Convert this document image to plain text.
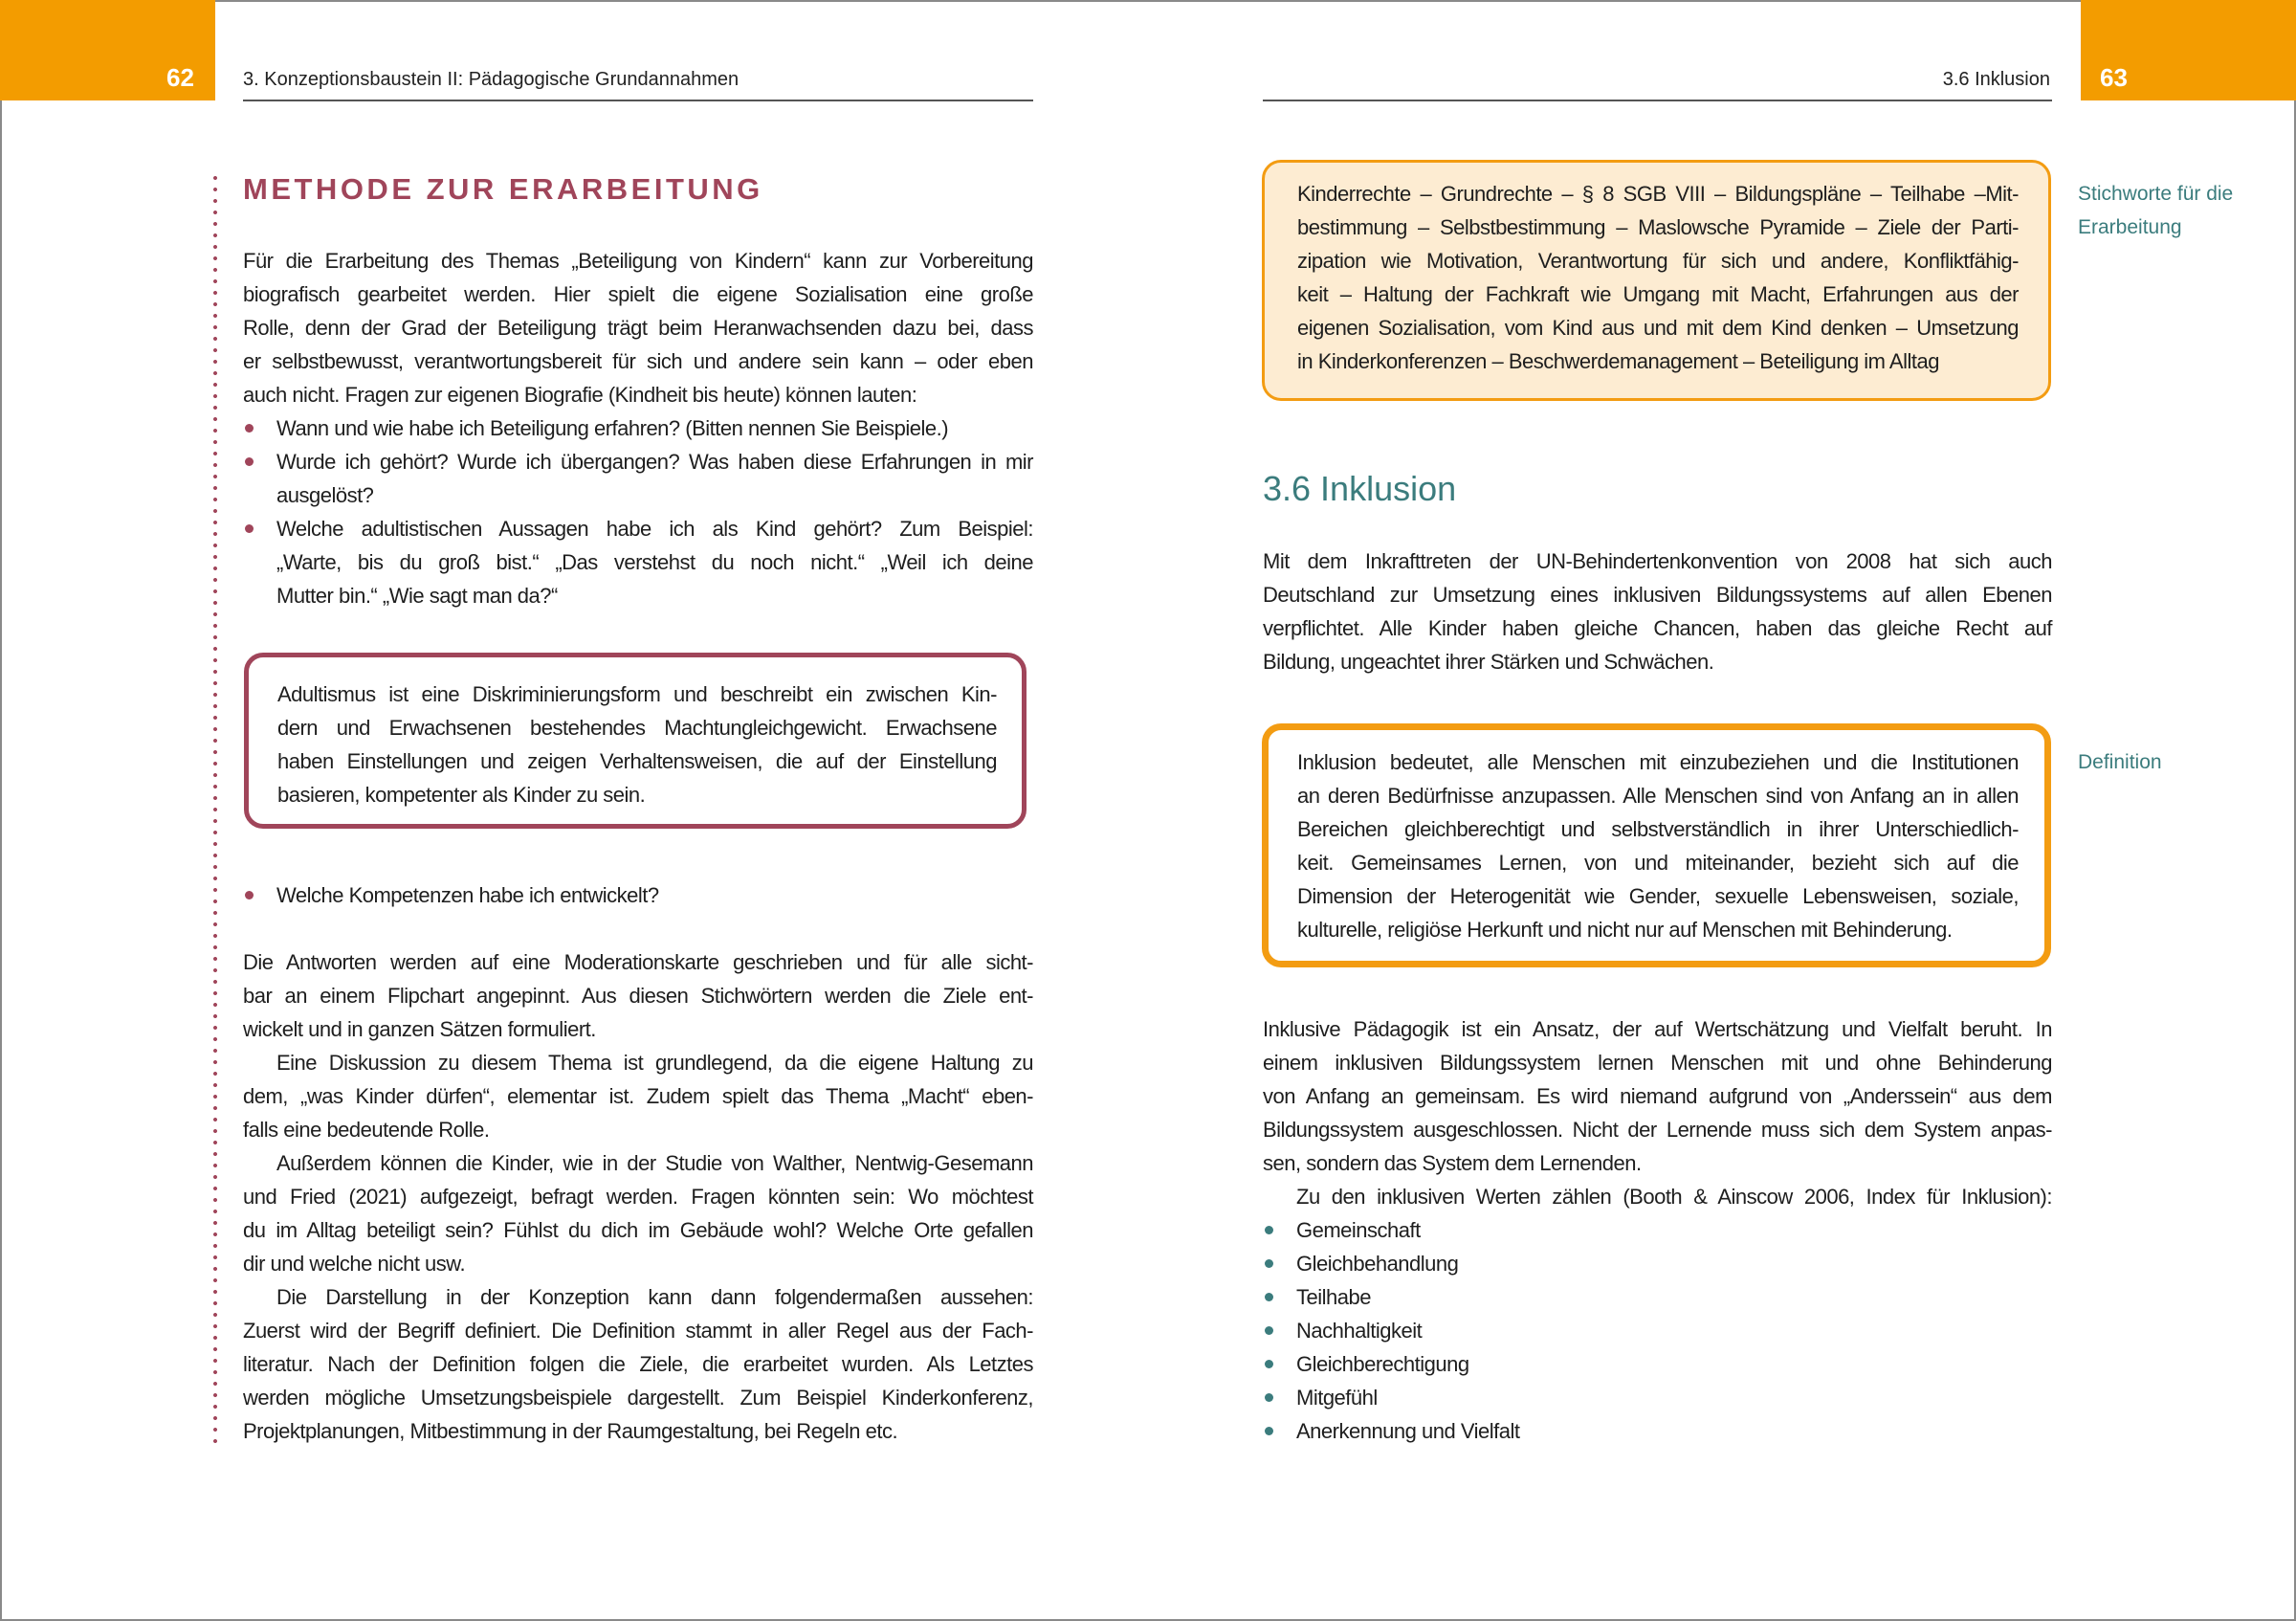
62	3. Konzeptionsbaustein II: Pädagogische Grundannahmen	63
3.6 Inklusion
METHODE ZUR ERARBEITUNG
Für die Erarbeitung des Themas „Beteiligung von Kindern“ kann zur Vorbereitung
biografisch gearbeitet werden. Hier spielt die eigene Sozialisation eine große
Rolle, denn der Grad der Beteiligung trägt beim Heranwachsenden dazu bei, dass
er selbstbewusst, verantwortungsbereit für sich und andere sein kann – oder eben
auch nicht. Fragen zur eigenen Biografie (Kindheit bis heute) können lauten:
Wann und wie habe ich Beteiligung erfahren? (Bitten nennen Sie Beispiele.)
Wurde ich gehört? Wurde ich übergangen? Was haben diese Erfahrungen in mir
ausgelöst?
Welche adultistischen Aussagen habe ich als Kind gehört? Zum Beispiel:
„Warte, bis du groß bist.“ „Das verstehst du noch nicht.“ „Weil ich deine
Mutter bin.“ „Wie sagt man da?“
Adultismus ist eine Diskriminierungsform und beschreibt ein zwischen Kin-
dern und Erwachsenen bestehendes Machtungleichgewicht. Erwachsene
haben Einstellungen und zeigen Verhaltensweisen, die auf der Einstellung
basieren, kompetenter als Kinder zu sein.
Welche Kompetenzen habe ich entwickelt?
Die Antworten werden auf eine Moderationskarte geschrieben und für alle sicht-
bar an einem Flipchart angepinnt. Aus diesen Stichwörtern werden die Ziele ent-
wickelt und in ganzen Sätzen formuliert.
Eine Diskussion zu diesem Thema ist grundlegend, da die eigene Haltung zu
dem, „was Kinder dürfen“, elementar ist. Zudem spielt das Thema „Macht“ eben-
falls eine bedeutende Rolle.
Außerdem können die Kinder, wie in der Studie von Walther, Nentwig-Gesemann
und Fried (2021) aufgezeigt, befragt werden. Fragen könnten sein: Wo möchtest
du im Alltag beteiligt sein? Fühlst du dich im Gebäude wohl? Welche Orte gefallen
dir und welche nicht usw.
Die Darstellung in der Konzeption kann dann folgendermaßen aussehen:
Zuerst wird der Begriff definiert. Die Definition stammt in aller Regel aus der Fach-
literatur. Nach der Definition folgen die Ziele, die erarbeitet wurden. Als Letztes
werden mögliche Umsetzungsbeispiele dargestellt. Zum Beispiel Kinderkonferenz,
Projektplanungen, Mitbestimmung in der Raumgestaltung, bei Regeln etc.
Kinderrechte – Grundrechte – § 8 SGB VIII – Bildungspläne – Teilhabe –Mit-
bestimmung – Selbstbestimmung – Maslowsche Pyramide – Ziele der Parti-
zipation wie Motivation, Verantwortung für sich und andere, Konfliktfähig-
keit – Haltung der Fachkraft wie Umgang mit Macht, Erfahrungen aus der
eigenen Sozialisation, vom Kind aus und mit dem Kind denken – Umsetzung
in Kinderkonferenzen – Beschwerdemanagement – Beteiligung im Alltag
Stichworte für die
Erarbeitung
3.6 Inklusion
Mit dem Inkrafttreten der UN-Behindertenkonvention von 2008 hat sich auch
Deutschland zur Umsetzung eines inklusiven Bildungssystems auf allen Ebenen
verpflichtet. Alle Kinder haben gleiche Chancen, haben das gleiche Recht auf
Bildung, ungeachtet ihrer Stärken und Schwächen.
Inklusion bedeutet, alle Menschen mit einzubeziehen und die Institutionen
an deren Bedürfnisse anzupassen. Alle Menschen sind von Anfang an in allen
Bereichen gleichberechtigt und selbstverständlich in ihrer Unterschiedlich-
keit. Gemeinsames Lernen, von und miteinander, bezieht sich auf die
Dimension der Heterogenität wie Gender, sexuelle Lebensweisen, soziale,
kulturelle, religiöse Herkunft und nicht nur auf Menschen mit Behinderung.
Definition
Inklusive Pädagogik ist ein Ansatz, der auf Wertschätzung und Vielfalt beruht. In
einem inklusiven Bildungssystem lernen Menschen mit und ohne Behinderung
von Anfang an gemeinsam. Es wird niemand aufgrund von „Anderssein“ aus dem
Bildungssystem ausgeschlossen. Nicht der Lernende muss sich dem System anpas-
sen, sondern das System dem Lernenden.
Zu den inklusiven Werten zählen (Booth & Ainscow 2006, Index für Inklusion):
Gemeinschaft
Gleichbehandlung
Teilhabe
Nachhaltigkeit
Gleichberechtigung
Mitgefühl
Anerkennung und Vielfalt
